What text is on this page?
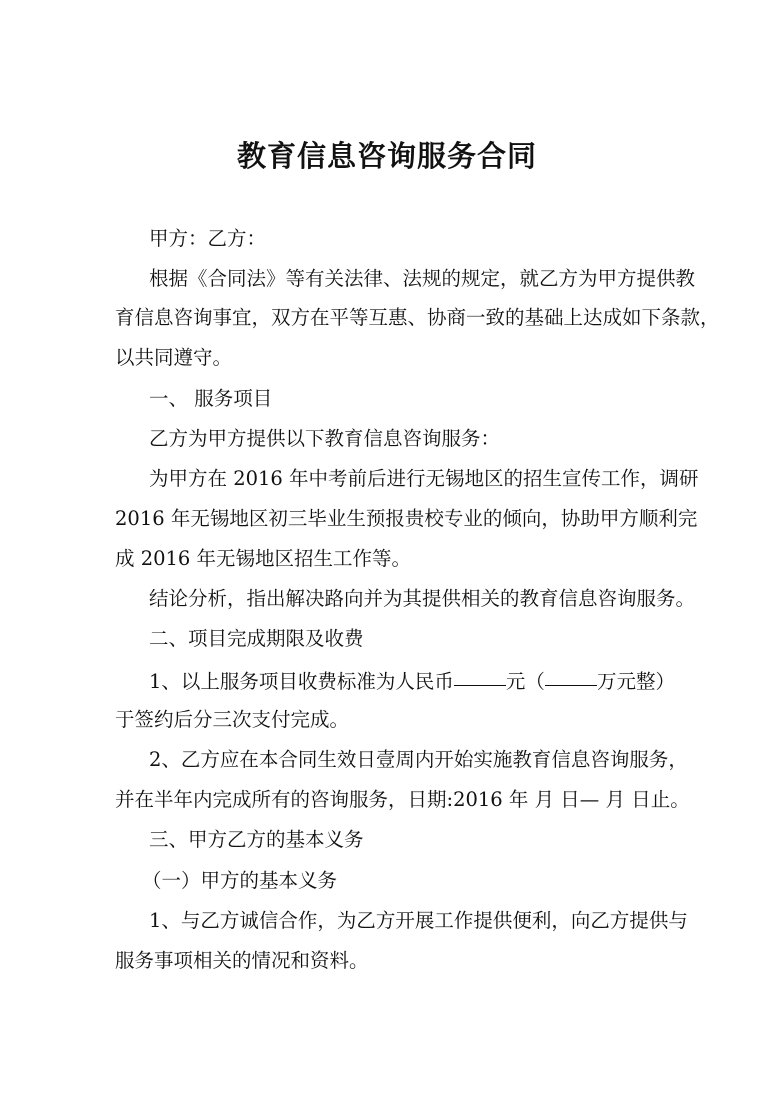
教育信息咨询服务合同
甲方：乙方：
根据《合同法》等有关法律、法规的规定，就乙方为甲方提供教
育信息咨询事宜，双方在平等互惠、协商一致的基础上达成如下条款，
以共同遵守。
一、 服务项目
乙方为甲方提供以下教育信息咨询服务：
为甲方在 2016 年中考前后进行无锡地区的招生宣传工作，调研
2016 年无锡地区初三毕业生预报贵校专业的倾向，协助甲方顺利完
成 2016 年无锡地区招生工作等。
结论分析，指出解决路向并为其提供相关的教育信息咨询服务。
二、项目完成期限及收费
1、以上服务项目收费标准为人民币	元（	万元整）
于签约后分三次支付完成。
2、乙方应在本合同生效日壹周内开始实施教育信息咨询服务，
并在半年内完成所有的咨询服务，日期:2016 年 月 日— 月 日止。
三、甲方乙方的基本义务
（一）甲方的基本义务
1、与乙方诚信合作，为乙方开展工作提供便利，向乙方提供与
服务事项相关的情况和资料。
